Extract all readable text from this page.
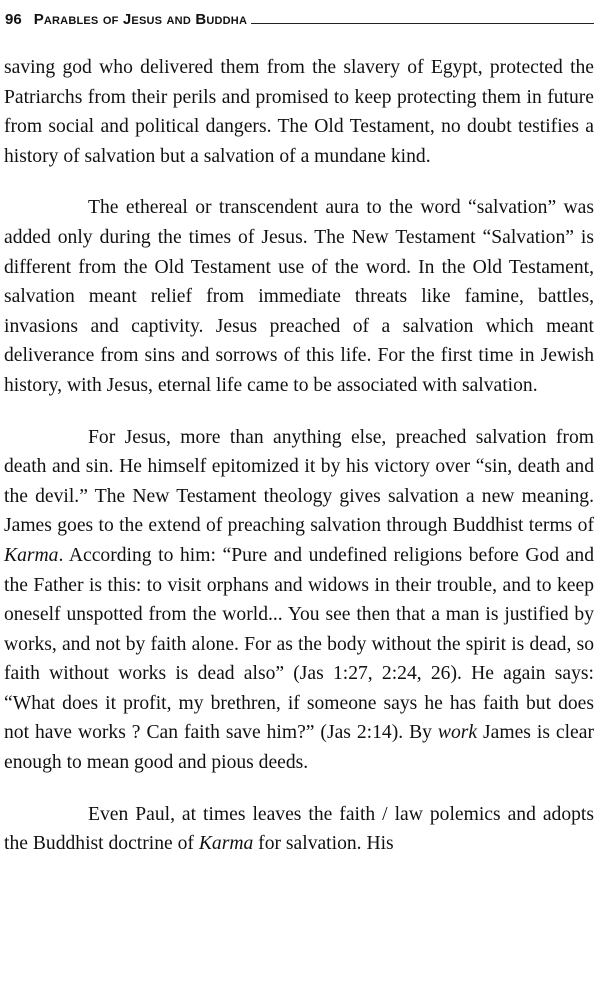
96 Parables of Jesus and Buddha

saving god who delivered them from the slavery of Egypt, protected the Patriarchs from their perils and promised to keep protecting them in future from social and political dangers. The Old Testament, no doubt testifies a history of salvation but a salvation of a mundane kind.

The ethereal or transcendent aura to the word “salvation” was added only during the times of Jesus. The New Testament “Salvation” is different from the Old Testament use of the word. In the Old Testament, salvation meant relief from immediate threats like famine, battles, invasions and captivity. Jesus preached of a salvation which meant deliverance from sins and sorrows of this life. For the first time in Jewish history, with Jesus, eternal life came to be associated with salvation.

For Jesus, more than anything else, preached salvation from death and sin. He himself epitomized it by his victory over “sin, death and the devil.” The New Testament theology gives salvation a new meaning. James goes to the extend of preaching salvation through Buddhist terms of Karma. According to him: “Pure and undefined religions before God and the Father is this: to visit orphans and widows in their trouble, and to keep oneself unspotted from the world... You see then that a man is justified by works, and not by faith alone. For as the body without the spirit is dead, so faith without works is dead also” (Jas 1:27, 2:24, 26). He again says: “What does it profit, my brethren, if someone says he has faith but does not have works ? Can faith save him?” (Jas 2:14). By work James is clear enough to mean good and pious deeds.

Even Paul, at times leaves the faith / law polemics and adopts the Buddhist doctrine of Karma for salvation. His
